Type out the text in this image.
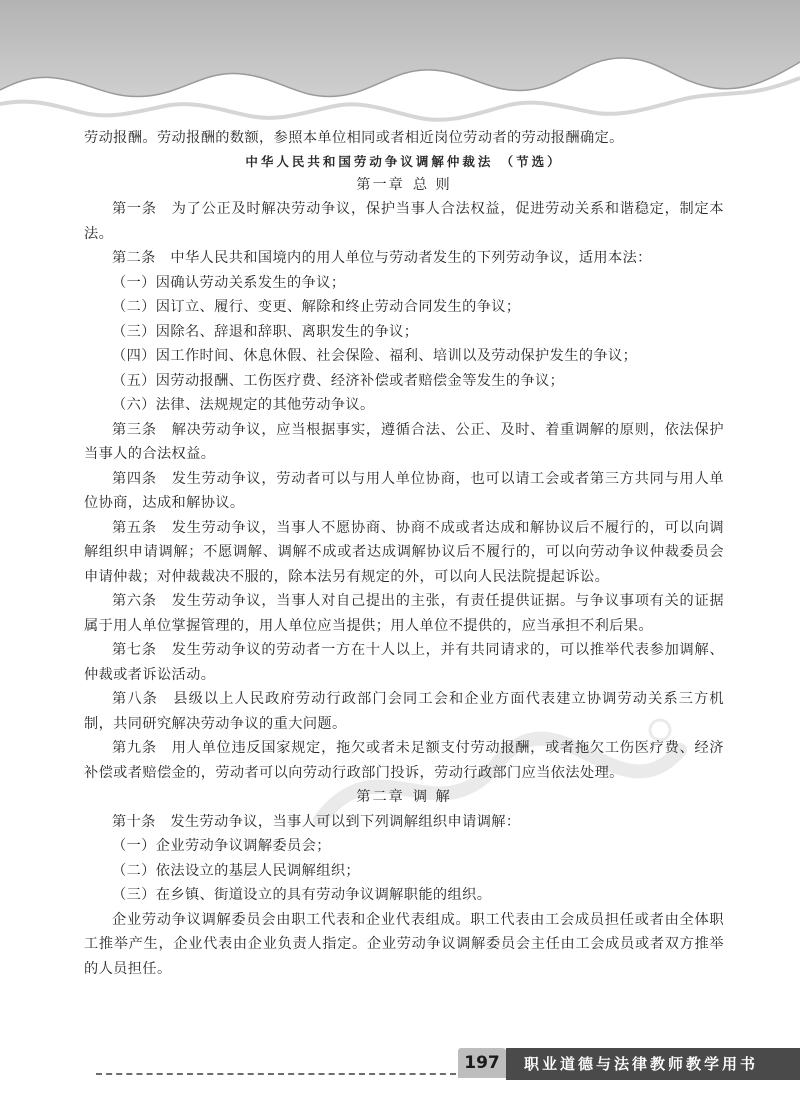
劳动报酬。劳动报酬的数额，参照本单位相同或者相近岗位劳动者的劳动报酬确定。

中华人民共和国劳动争议调解仲裁法 （节选）

第一章 总 则

第一条　为了公正及时解决劳动争议，保护当事人合法权益，促进劳动关系和谐稳定，制定本法。

第二条　中华人民共和国境内的用人单位与劳动者发生的下列劳动争议，适用本法：

（一）因确认劳动关系发生的争议；

（二）因订立、履行、变更、解除和终止劳动合同发生的争议；

（三）因除名、辞退和辞职、离职发生的争议；

（四）因工作时间、休息休假、社会保险、福利、培训以及劳动保护发生的争议；

（五）因劳动报酬、工伤医疗费、经济补偿或者赔偿金等发生的争议；

（六）法律、法规规定的其他劳动争议。

第三条　解决劳动争议，应当根据事实，遵循合法、公正、及时、着重调解的原则，依法保护当事人的合法权益。

第四条　发生劳动争议，劳动者可以与用人单位协商，也可以请工会或者第三方共同与用人单位协商，达成和解协议。

第五条　发生劳动争议，当事人不愿协商、协商不成或者达成和解协议后不履行的，可以向调解组织申请调解；不愿调解、调解不成或者达成调解协议后不履行的，可以向劳动争议仲裁委员会申请仲裁；对仲裁裁决不服的，除本法另有规定的外，可以向人民法院提起诉讼。

第六条　发生劳动争议，当事人对自己提出的主张，有责任提供证据。与争议事项有关的证据属于用人单位掌握管理的，用人单位应当提供；用人单位不提供的，应当承担不利后果。

第七条　发生劳动争议的劳动者一方在十人以上，并有共同请求的，可以推举代表参加调解、仲裁或者诉讼活动。

第八条　县级以上人民政府劳动行政部门会同工会和企业方面代表建立协调劳动关系三方机制，共同研究解决劳动争议的重大问题。

第九条　用人单位违反国家规定，拖欠或者未足额支付劳动报酬，或者拖欠工伤医疗费、经济补偿或者赔偿金的，劳动者可以向劳动行政部门投诉，劳动行政部门应当依法处理。

第二章 调 解

第十条　发生劳动争议，当事人可以到下列调解组织申请调解：

（一）企业劳动争议调解委员会；

（二）依法设立的基层人民调解组织；

（三）在乡镇、街道设立的具有劳动争议调解职能的组织。

企业劳动争议调解委员会由职工代表和企业代表组成。职工代表由工会成员担任或者由全体职工推举产生，企业代表由企业负责人指定。企业劳动争议调解委员会主任由工会成员或者双方推举的人员担任。

197	职业道德与法律教师教学用书
